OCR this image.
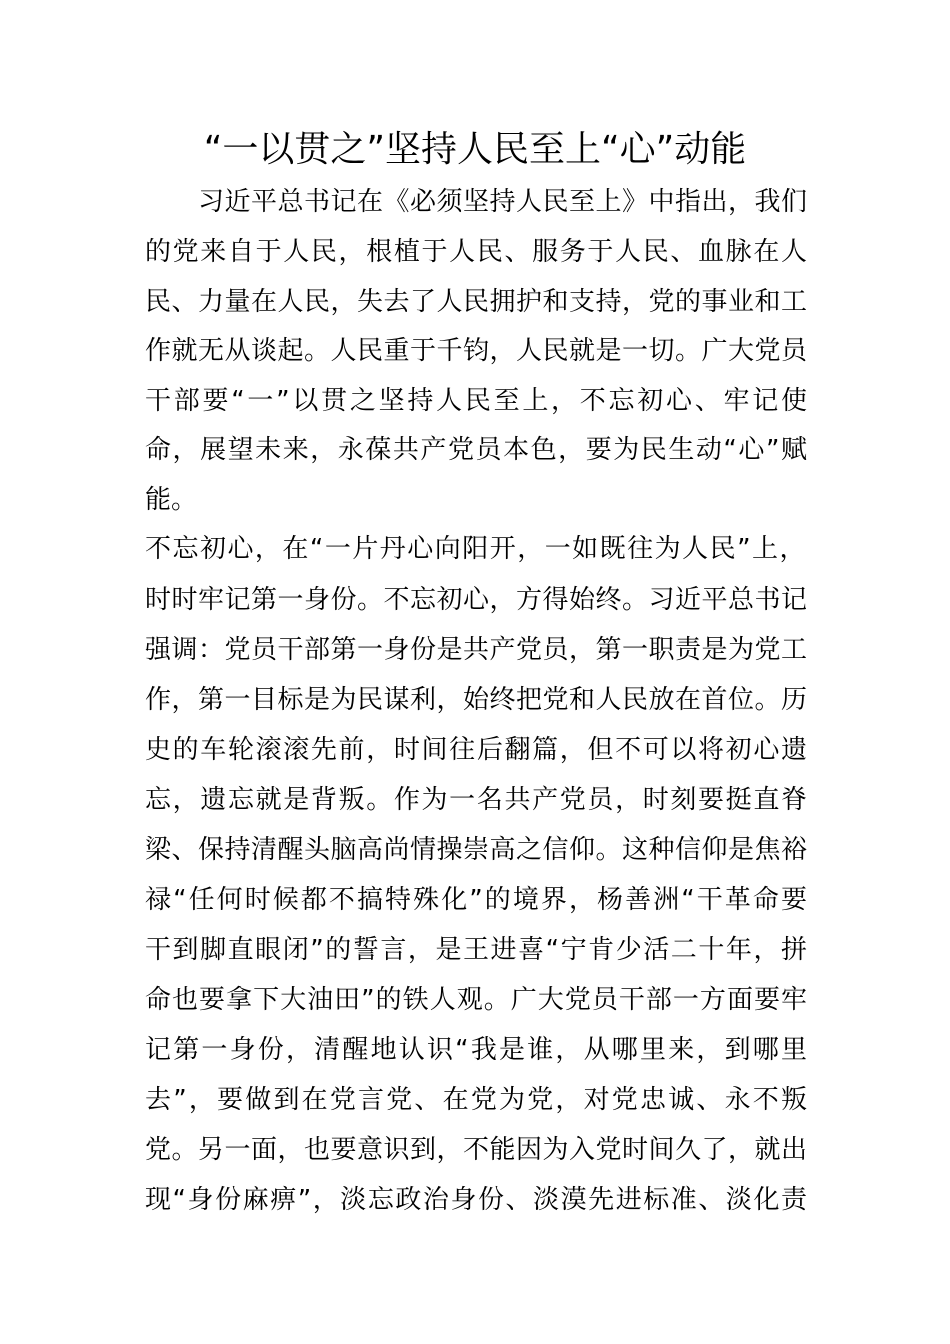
“一以贯之”坚持人民至上“心”动能
　　习近平总书记在《必须坚持人民至上》中指出，我们
的党来自于人民，根植于人民、服务于人民、血脉在人
民、力量在人民，失去了人民拥护和支持，党的事业和工
作就无从谈起。人民重于千钧，人民就是一切。广大党员
干部要“一”以贯之坚持人民至上，不忘初心、牢记使
命，展望未来，永葆共产党员本色，要为民生动“心”赋
能。
不忘初心，在“一片丹心向阳开，一如既往为人民”上，
时时牢记第一身份。不忘初心，方得始终。习近平总书记
强调：党员干部第一身份是共产党员，第一职责是为党工
作，第一目标是为民谋利，始终把党和人民放在首位。历
史的车轮滚滚先前，时间往后翻篇，但不可以将初心遗
忘，遗忘就是背叛。作为一名共产党员，时刻要挺直脊
梁、保持清醒头脑高尚情操崇高之信仰。这种信仰是焦裕
禄“任何时候都不搞特殊化”的境界，杨善洲“干革命要
干到脚直眼闭”的誓言，是王进喜“宁肯少活二十年，拼
命也要拿下大油田”的铁人观。广大党员干部一方面要牢
记第一身份，清醒地认识“我是谁，从哪里来，到哪里
去”，要做到在党言党、在党为党，对党忠诚、永不叛
党。另一面，也要意识到，不能因为入党时间久了，就出
现“身份麻痹”，淡忘政治身份、淡漠先进标准、淡化责
